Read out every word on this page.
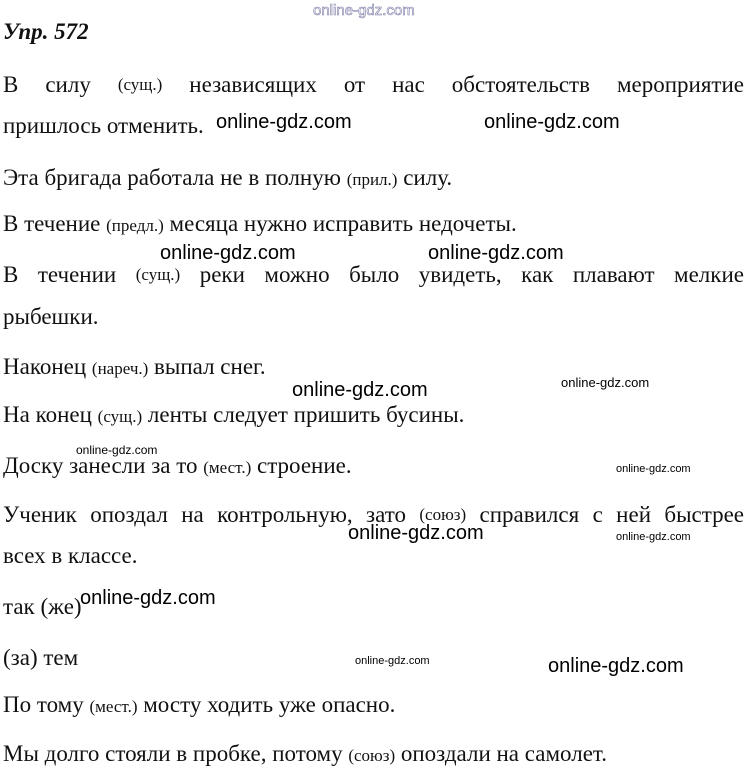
online-gdz.com
Упр. 572
В силу (сущ.) независящих от нас обстоятельств мероприятие
пришлось отменить.
Эта бригада работала не в полную (прил.) силу.
В течение (предл.) месяца нужно исправить недочеты.
В течении (сущ.) реки можно было увидеть, как плавают мелкие
рыбешки.
Наконец (нареч.) выпал снег.
На конец (сущ.) ленты следует пришить бусины.
Доску занесли за то (мест.) строение.
Ученик опоздал на контрольную, зато (союз) справился с ней быстрее
всех в классе.
так (же)
(за) тем
По тому (мест.) мосту ходить уже опасно.
Мы долго стояли в пробке, потому (союз) опоздали на самолет.
online-gdz.com	online-gdz.com
online-gdz.com	online-gdz.com
online-gdz.com	online-gdz.com
online-gdz.com
online-gdz.com
online-gdz.com	online-gdz.com
online-gdz.com
online-gdz.com	online-gdz.com
